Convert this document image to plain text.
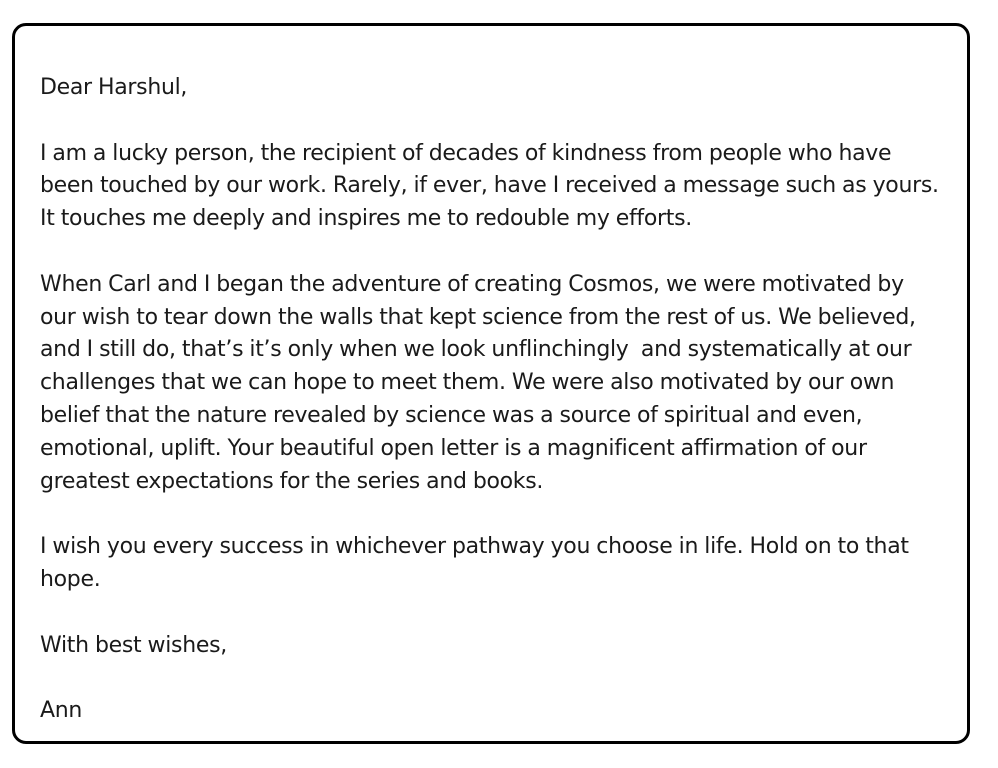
Dear Harshul,

I am a lucky person, the recipient of decades of kindness from people who have
been touched by our work. Rarely, if ever, have I received a message such as yours.
It touches me deeply and inspires me to redouble my efforts.

When Carl and I began the adventure of creating Cosmos, we were motivated by
our wish to tear down the walls that kept science from the rest of us. We believed,
and I still do, that’s it’s only when we look unflinchingly  and systematically at our
challenges that we can hope to meet them. We were also motivated by our own
belief that the nature revealed by science was a source of spiritual and even,
emotional, uplift. Your beautiful open letter is a magnificent affirmation of our
greatest expectations for the series and books.

I wish you every success in whichever pathway you choose in life. Hold on to that
hope.

With best wishes,

Ann
